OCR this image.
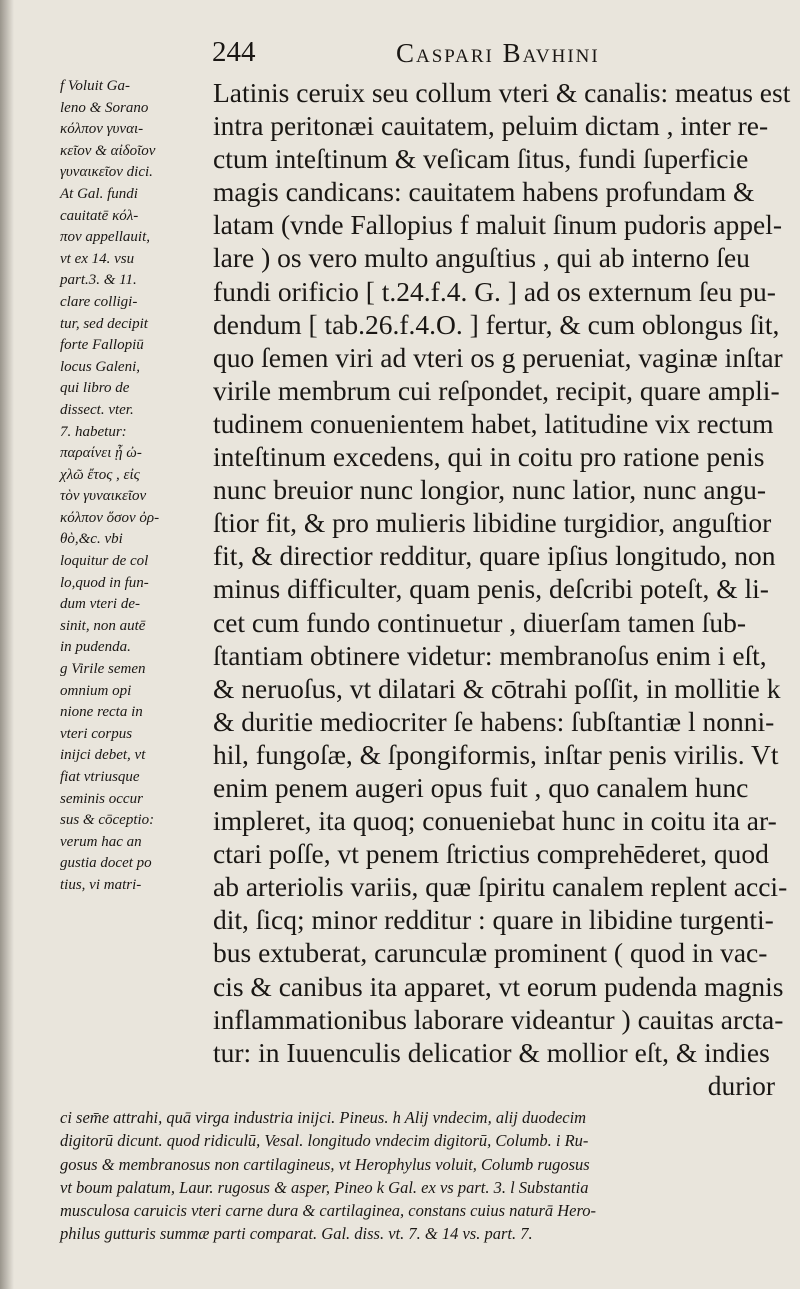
244	Caspari Bavhini
f Voluit Ga-
leno & Sorano
κόλπον γυναι-
κεῖον & αἰδοῖον
γυναικεῖον dici.
At Gal. fundi
cauitatē κόλ-
πον appellauit,
vt ex 14. vsu
part.3. & 11.
clare colligi-
tur, sed decipit
forte Fallopiū
locus Galeni,
qui libro de
dissect. vter.
7. habetur:
παραίνει ᾗ ὠ-
χλῶ ἔτος , εἰς
τὸν γυναικεῖον
κόλπον ὅσον ὀρ-
θὸ,&c. vbi
loquitur de col
lo,quod in fun-
dum vteri de-
sinit, non autē
in pudenda.
g Virile semen
omnium opi
nione recta in
vteri corpus
inijci debet, vt
fiat vtriusque
seminis occur
sus & cōceptio:
verum hac an
gustia docet po
tius, vi matri-
Latinis ceruix seu collum vteri & canalis: meatus est
intra peritonæi cauitatem, peluim dictam , inter re-
ctum inteſtinum & veſicam ſitus, fundi ſuperficie
magis candicans: cauitatem habens profundam &
latam (vnde Fallopius f maluit ſinum pudoris appel-
lare ) os vero multo anguſtius , qui ab interno ſeu
fundi orificio [ t.24.f.4. G. ] ad os externum ſeu pu-
dendum [ tab.26.f.4.O. ] fertur, & cum oblongus ſit,
quo ſemen viri ad vteri os g perueniat, vaginæ inſtar
virile membrum cui reſpondet, recipit, quare ampli-
tudinem conuenientem habet, latitudine vix rectum
inteſtinum excedens, qui in coitu pro ratione penis
nunc breuior nunc longior, nunc latior, nunc angu-
ſtior fit, & pro mulieris libidine turgidior, anguſtior
fit, & directior redditur, quare ipſius longitudo, non
minus difficulter, quam penis, deſcribi poteſt, & li-
cet cum fundo continuetur , diuerſam tamen ſub-
ſtantiam obtinere videtur: membranoſus enim i eſt,
& neruoſus, vt dilatari & cōtrahi poſſit, in mollitie k
& duritie mediocriter ſe habens: ſubſtantiæ l nonni-
hil, fungoſæ, & ſpongiformis, inſtar penis virilis. Vt
enim penem augeri opus fuit , quo canalem hunc
impleret, ita quoq; conueniebat hunc in coitu ita ar-
ctari poſſe, vt penem ſtrictius comprehēderet, quod
ab arteriolis variis, quæ ſpiritu canalem replent acci-
dit, ſicq; minor redditur : quare in libidine turgenti-
bus extuberat, carunculæ prominent ( quod in vac-
cis & canibus ita apparet, vt eorum pudenda magnis
inflammationibus laborare videantur ) cauitas arcta-
tur: in Iuuenculis delicatior & mollior eſt, & indies
durior
ci sem̄e attrahi, quā virga industria inijci. Pineus. h Alij vndecim, alij duodecim
digitorū dicunt. quod ridiculū, Vesal. longitudo vndecim digitorū, Columb. i Ru-
gosus & membranosus non cartilagineus, vt Herophylus voluit, Columb rugosus
vt boum palatum, Laur. rugosus & asper, Pineo k Gal. ex vs part. 3. l Substantia
musculosa caruicis vteri carne dura & cartilaginea, constans cuius naturā Hero-
philus gutturis summæ parti comparat. Gal. diss. vt. 7. & 14 vs. part. 7.
